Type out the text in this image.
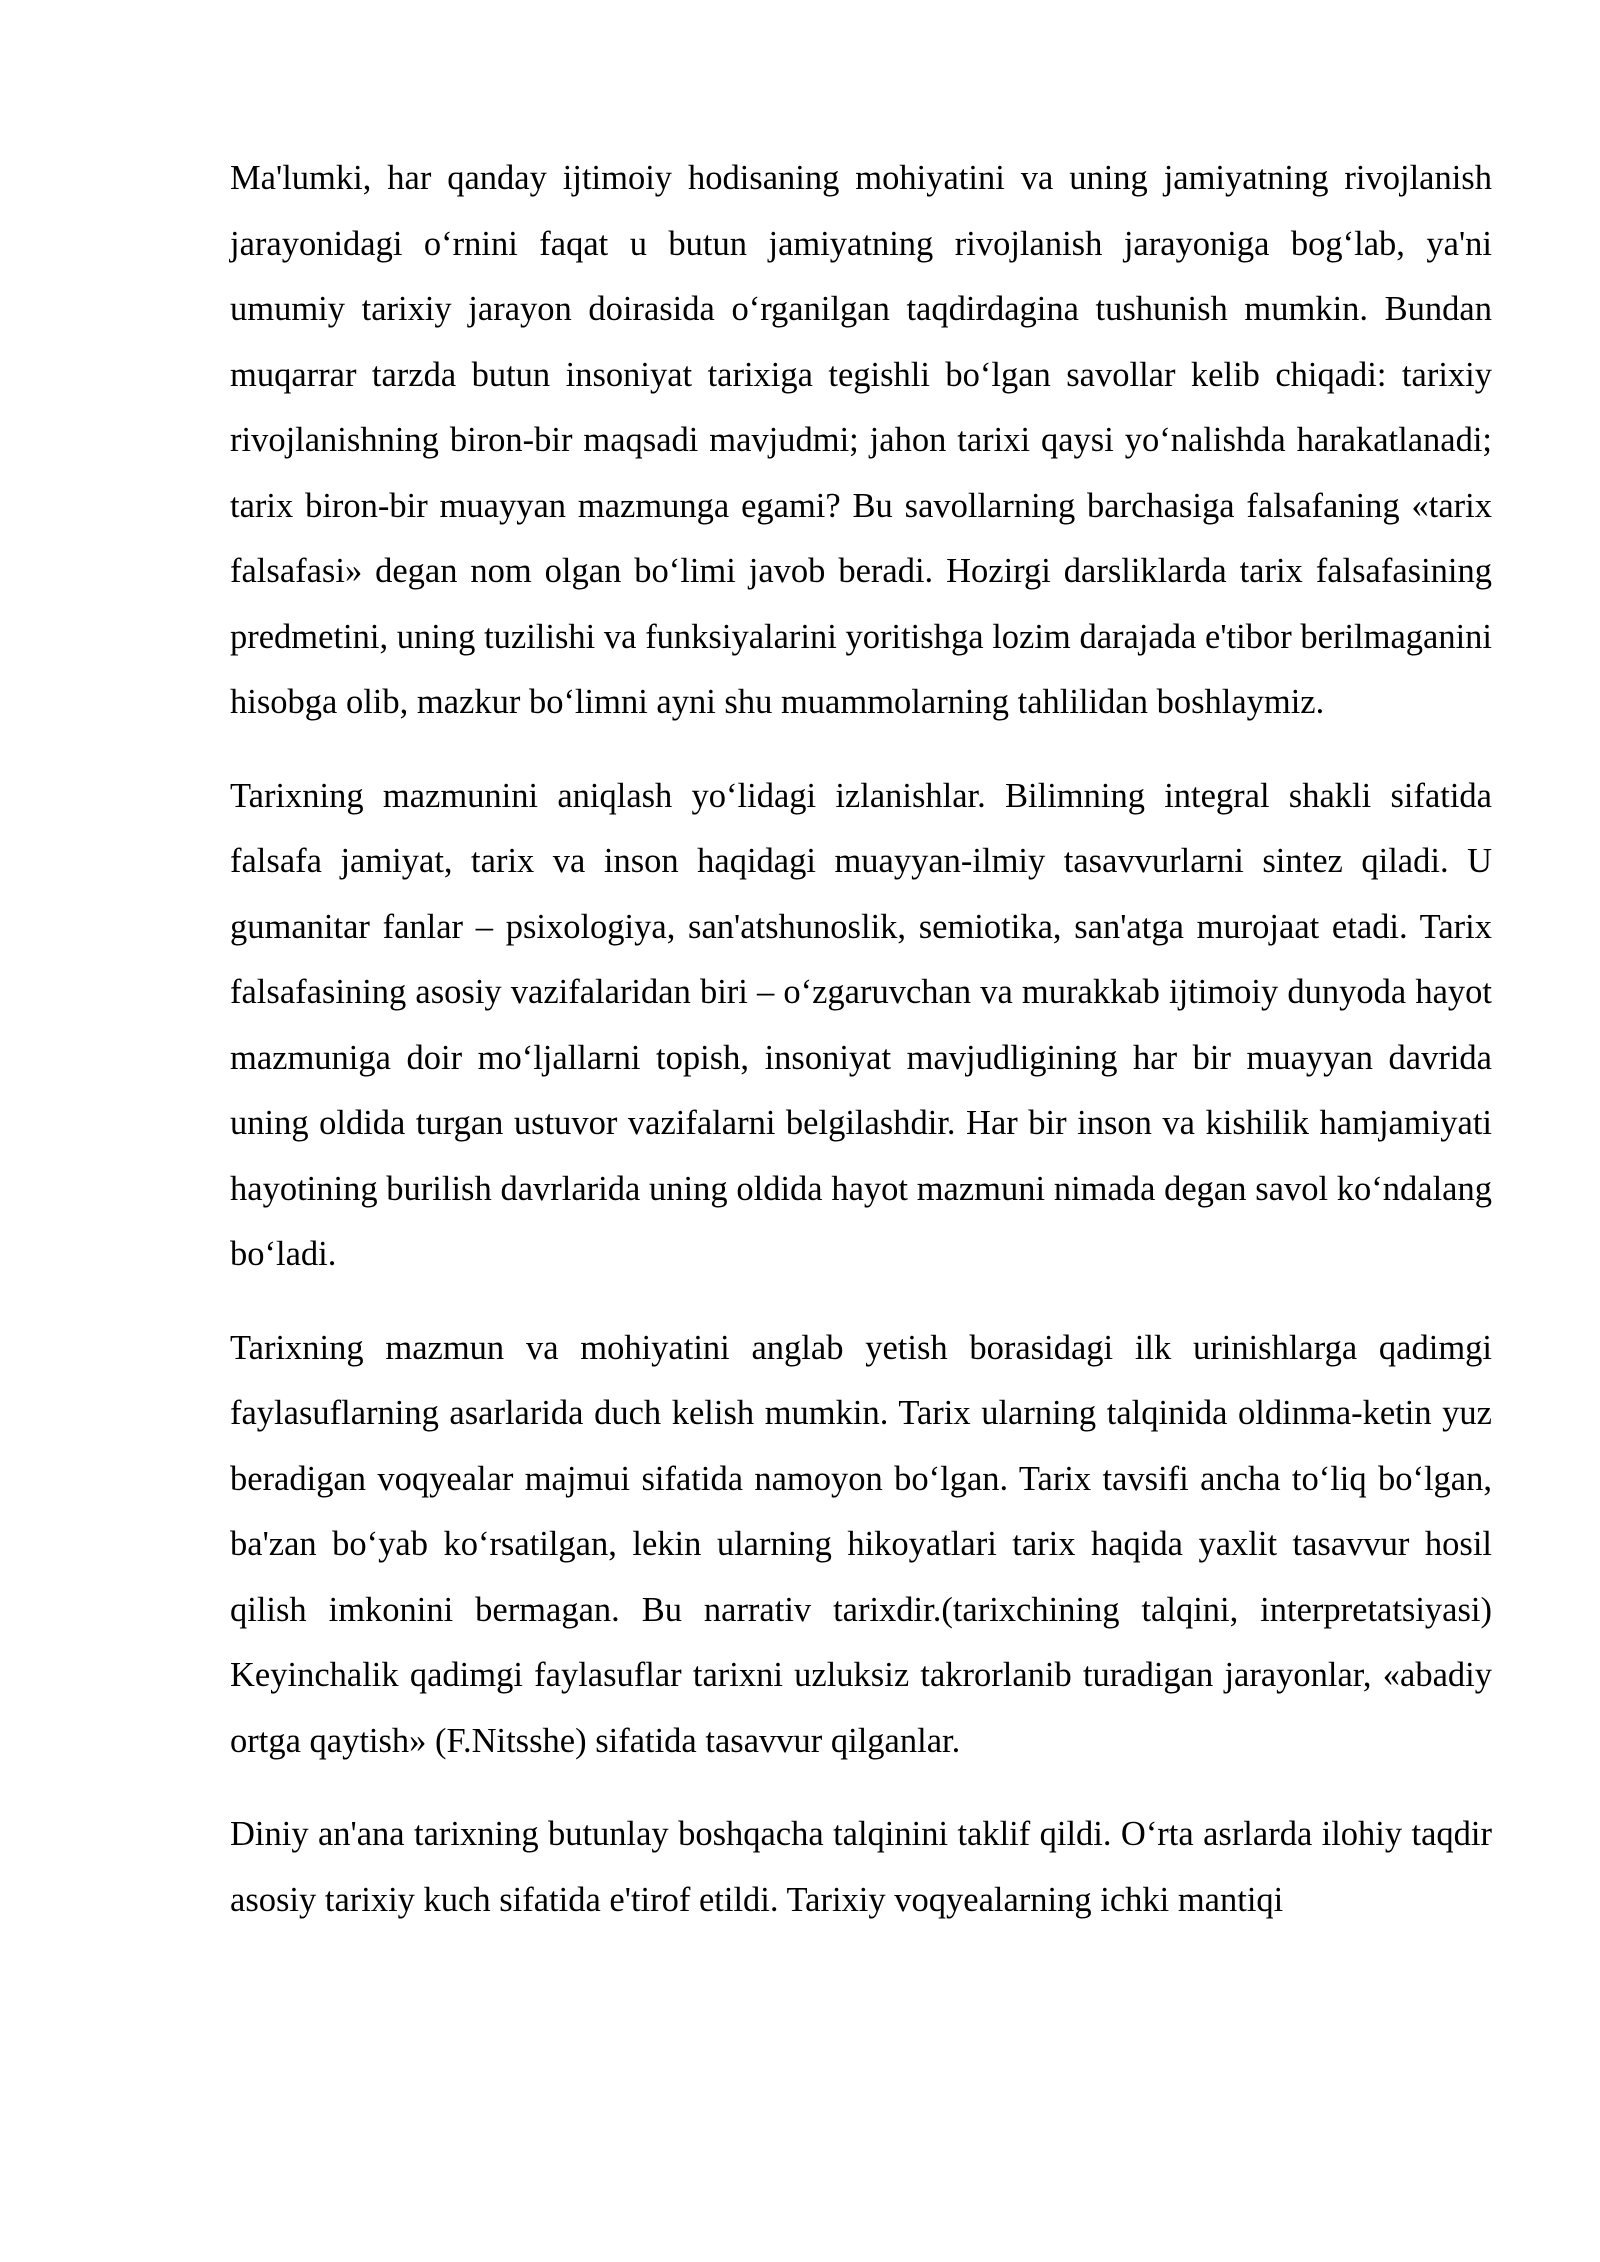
Ma'lumki, har qanday ijtimoiy hodisaning mohiyatini va uning jamiyatning rivojlanish jarayonidagi o‘rnini faqat u butun jamiyatning rivojlanish jarayoniga bog‘lab, ya'ni umumiy tarixiy jarayon doirasida o‘rganilgan taqdirdagina tushunish mumkin. Bundan muqarrar tarzda butun insoniyat tarixiga tegishli bo‘lgan savollar kelib chiqadi: tarixiy rivojlanishning biron-bir maqsadi mavjudmi; jahon tarixi qaysi yo‘nalishda harakatlanadi; tarix biron-bir muayyan mazmunga egami? Bu savollarning barchasiga falsafaning «tarix falsafasi» degan nom olgan bo‘limi javob beradi. Hozirgi darsliklarda tarix falsafasining predmetini, uning tuzilishi va funksiyalarini yoritishga lozim darajada e'tibor berilmaganini hisobga olib, mazkur bo‘limni ayni shu muammolarning tahlilidan boshlaymiz.

Tarixning mazmunini aniqlash yo‘lidagi izlanishlar. Bilimning integral shakli sifatida falsafa jamiyat, tarix va inson haqidagi muayyan-ilmiy tasavvurlarni sintez qiladi. U gumanitar fanlar – psixologiya, san'atshunoslik, semiotika, san'atga murojaat etadi. Tarix falsafasining asosiy vazifalaridan biri – o‘zgaruvchan va murakkab ijtimoiy dunyoda hayot mazmuniga doir mo‘ljallarni topish, insoniyat mavjudligining har bir muayyan davrida uning oldida turgan ustuvor vazifalarni belgilashdir. Har bir inson va kishilik hamjamiyati hayotining burilish davrlarida uning oldida hayot mazmuni nimada degan savol ko‘ndalang bo‘ladi.

Tarixning mazmun va mohiyatini anglab yetish borasidagi ilk urinishlarga qadimgi faylasuflarning asarlarida duch kelish mumkin. Tarix ularning talqinida oldinma-ketin yuz beradigan voqyealar majmui sifatida namoyon bo‘lgan. Tarix tavsifi ancha to‘liq bo‘lgan, ba'zan bo‘yab ko‘rsatilgan, lekin ularning hikoyatlari tarix haqida yaxlit tasavvur hosil qilish imkonini bermagan. Bu narrativ tarixdir.(tarixchining talqini, interpretatsiyasi) Keyinchalik qadimgi faylasuflar tarixni uzluksiz takrorlanib turadigan jarayonlar, «abadiy ortga qaytish» (F.Nitsshe) sifatida tasavvur qilganlar.

Diniy an'ana tarixning butunlay boshqacha talqinini taklif qildi. O‘rta asrlarda ilohiy taqdir asosiy tarixiy kuch sifatida e'tirof etildi. Tarixiy voqyealarning ichki mantiqi
